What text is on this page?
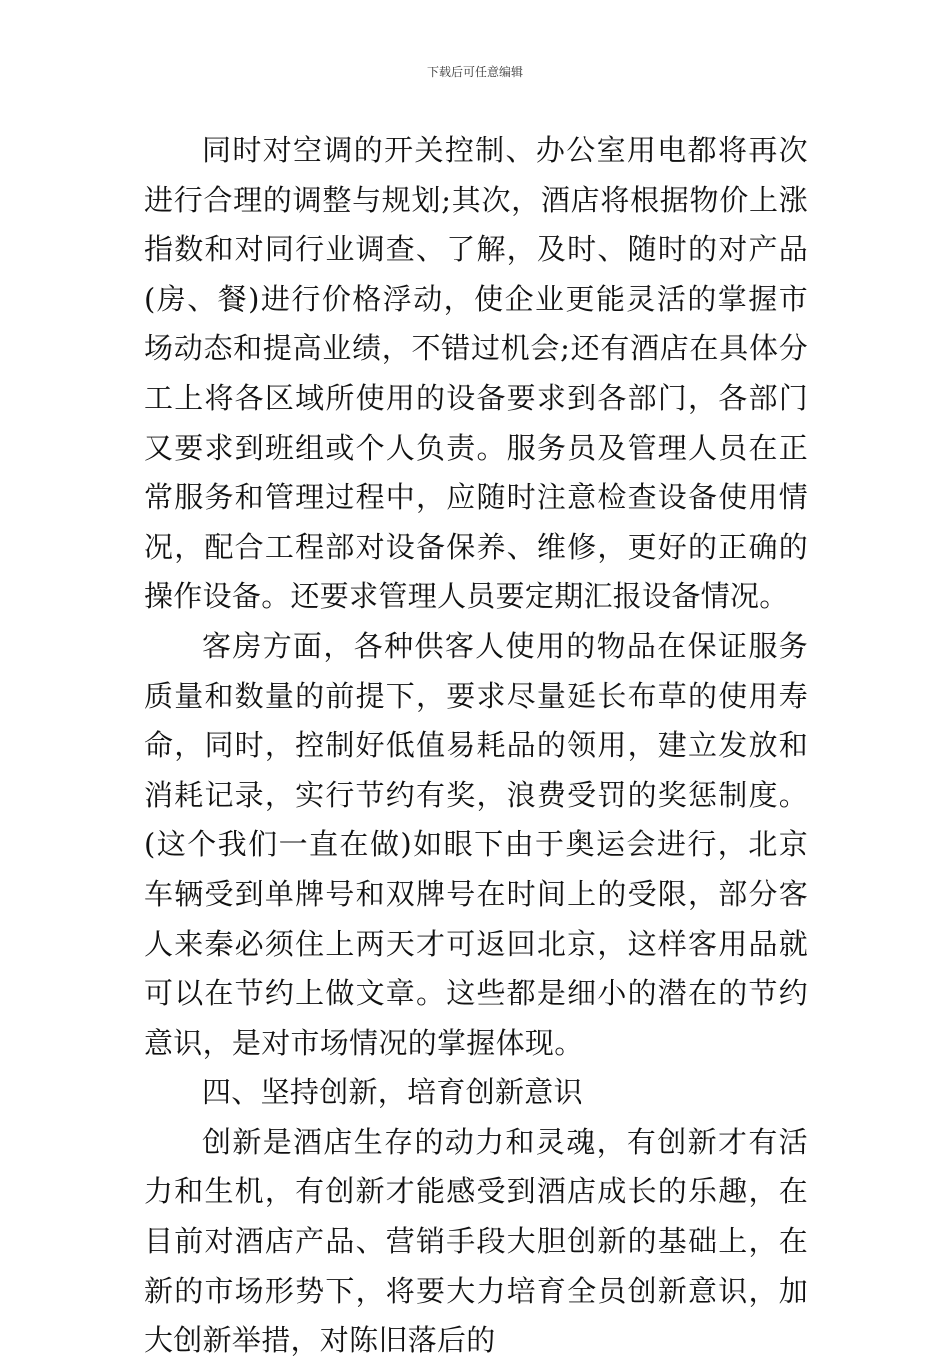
下载后可任意编辑

同时对空调的开关控制、办公室用电都将再次进行合理的调整与规划;其次，酒店将根据物价上涨指数和对同行业调查、了解，及时、随时的对产品(房、餐)进行价格浮动，使企业更能灵活的掌握市场动态和提高业绩，不错过机会;还有酒店在具体分工上将各区域所使用的设备要求到各部门，各部门又要求到班组或个人负责。服务员及管理人员在正常服务和管理过程中，应随时注意检查设备使用情况，配合工程部对设备保养、维修，更好的正确的操作设备。还要求管理人员要定期汇报设备情况。

客房方面，各种供客人使用的物品在保证服务质量和数量的前提下，要求尽量延长布草的使用寿命，同时，控制好低值易耗品的领用，建立发放和消耗记录，实行节约有奖，浪费受罚的奖惩制度。(这个我们一直在做)如眼下由于奥运会进行，北京车辆受到单牌号和双牌号在时间上的受限，部分客人来秦必须住上两天才可返回北京，这样客用品就可以在节约上做文章。这些都是细小的潜在的节约意识，是对市场情况的掌握体现。

四、坚持创新，培育创新意识

创新是酒店生存的动力和灵魂，有创新才有活力和生机，有创新才能感受到酒店成长的乐趣，在目前对酒店产品、营销手段大胆创新的基础上，在新的市场形势下，将要大力培育全员创新意识，加大创新举措，对陈旧落后的
